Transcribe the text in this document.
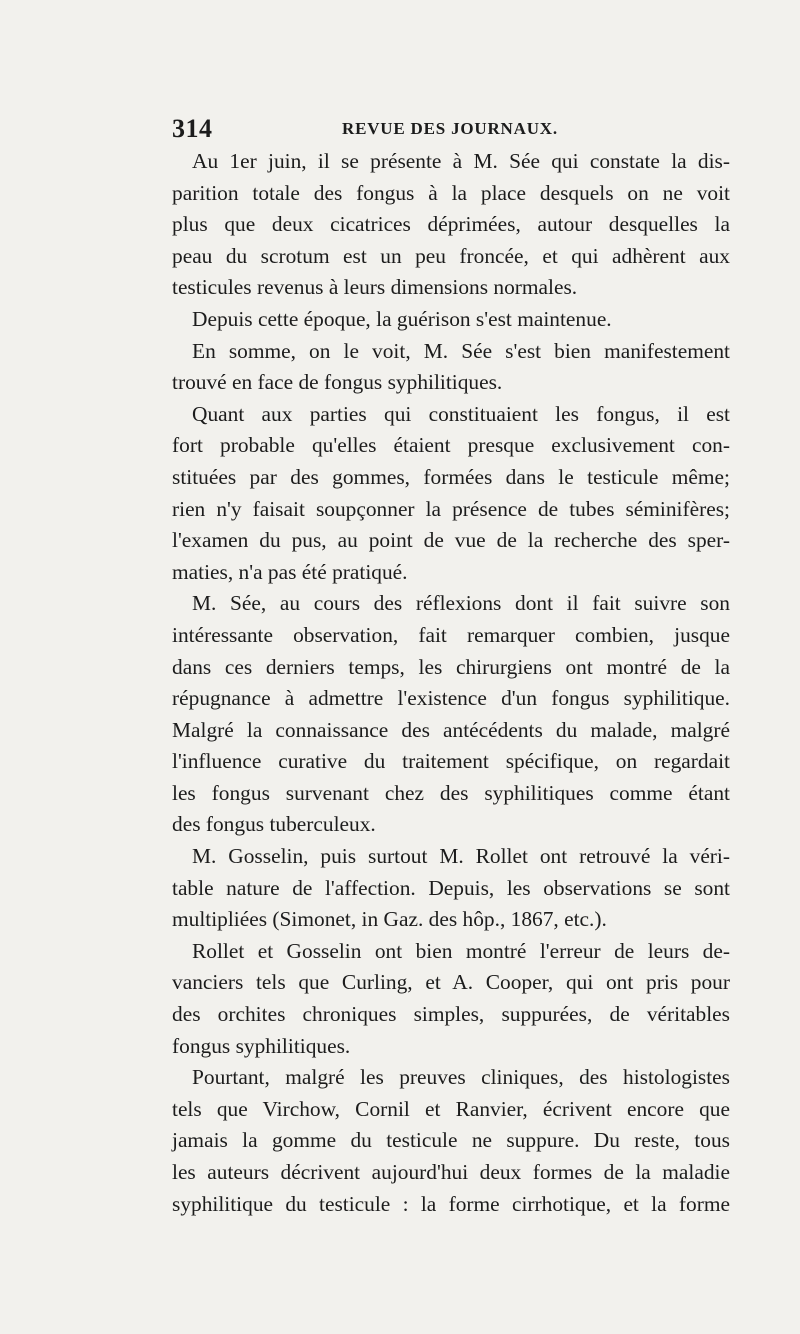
314	REVUE DES JOURNAUX.

Au 1er juin, il se présente à M. Sée qui constate la dis-
parition totale des fongus à la place desquels on ne voit
plus que deux cicatrices déprimées, autour desquelles la
peau du scrotum est un peu froncée, et qui adhèrent aux
testicules revenus à leurs dimensions normales.

Depuis cette époque, la guérison s'est maintenue.

En somme, on le voit, M. Sée s'est bien manifestement
trouvé en face de fongus syphilitiques.

Quant aux parties qui constituaient les fongus, il est
fort probable qu'elles étaient presque exclusivement con-
stituées par des gommes, formées dans le testicule même;
rien n'y faisait soupçonner la présence de tubes séminifères;
l'examen du pus, au point de vue de la recherche des sper-
maties, n'a pas été pratiqué.

M. Sée, au cours des réflexions dont il fait suivre son
intéressante observation, fait remarquer combien, jusque
dans ces derniers temps, les chirurgiens ont montré de la
répugnance à admettre l'existence d'un fongus syphilitique.
Malgré la connaissance des antécédents du malade, malgré
l'influence curative du traitement spécifique, on regardait
les fongus survenant chez des syphilitiques comme étant
des fongus tuberculeux.

M. Gosselin, puis surtout M. Rollet ont retrouvé la véri-
table nature de l'affection. Depuis, les observations se sont
multipliées (Simonet, in Gaz. des hôp., 1867, etc.).

Rollet et Gosselin ont bien montré l'erreur de leurs de-
vanciers tels que Curling, et A. Cooper, qui ont pris pour
des orchites chroniques simples, suppurées, de véritables
fongus syphilitiques.

Pourtant, malgré les preuves cliniques, des histologistes
tels que Virchow, Cornil et Ranvier, écrivent encore que
jamais la gomme du testicule ne suppure. Du reste, tous
les auteurs décrivent aujourd'hui deux formes de la maladie
syphilitique du testicule : la forme cirrhotique, et la forme
